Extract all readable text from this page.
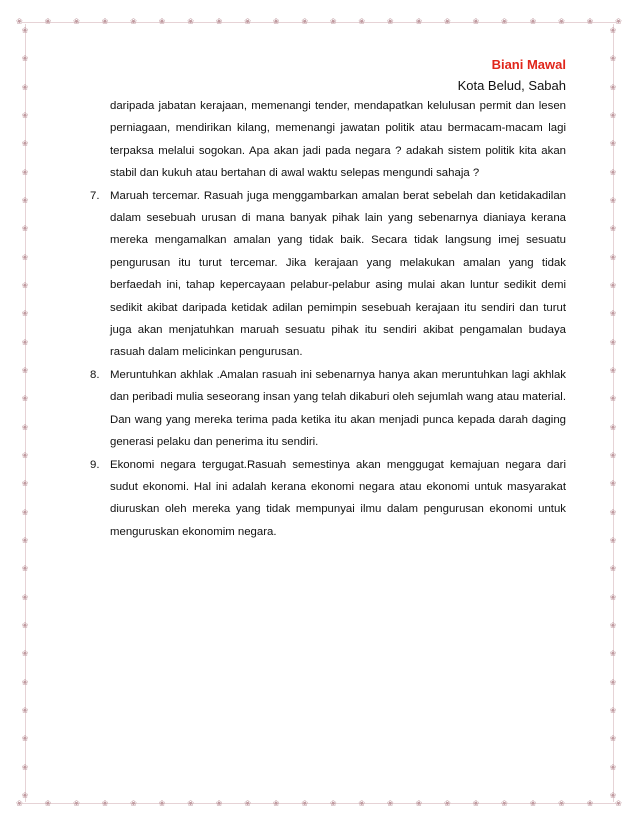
❀	❀	❀	❀	❀	❀	❀	❀	❀	❀	❀	❀	❀	❀	❀	❀	❀	❀	❀	❀	❀	❀
❀	❀	❀	❀	❀	❀	❀	❀	❀	❀	❀	❀	❀	❀	❀	❀	❀	❀	❀	❀	❀	❀
❀
❀
❀
❀
❀
❀
❀
❀
❀
❀
❀
❀
❀
❀
❀
❀
❀
❀
❀
❀
❀
❀
❀
❀
❀
❀
❀
❀
❀
❀
❀
❀
❀
❀
❀
❀
❀
❀
❀
❀
❀
❀
❀
❀
❀
❀
❀
❀
❀
❀
❀
❀
❀
❀
❀
❀
Biani Mawal
Kota Belud, Sabah

daripada jabatan kerajaan, memenangi tender, mendapatkan kelulusan permit dan lesen perniagaan, mendirikan kilang, memenangi jawatan politik atau bermacam-macam lagi terpaksa melalui sogokan. Apa akan jadi pada negara ? adakah sistem politik kita akan stabil dan kukuh atau bertahan di awal waktu selepas mengundi sahaja ?

7. Maruah tercemar. Rasuah juga menggambarkan amalan berat sebelah dan ketidakadilan dalam sesebuah urusan di mana banyak pihak lain yang sebenarnya dianiaya kerana mereka mengamalkan amalan yang tidak baik. Secara tidak langsung imej sesuatu pengurusan itu turut tercemar. Jika kerajaan yang melakukan amalan yang tidak berfaedah ini, tahap kepercayaan pelabur-pelabur asing mulai akan luntur sedikit demi sedikit akibat daripada ketidak adilan pemimpin sesebuah kerajaan itu sendiri dan turut juga akan menjatuhkan maruah sesuatu pihak itu sendiri akibat pengamalan budaya rasuah dalam melicinkan pengurusan.
8. Meruntuhkan akhlak .Amalan rasuah ini sebenarnya hanya akan meruntuhkan lagi akhlak dan peribadi mulia seseorang insan yang telah dikaburi oleh sejumlah wang atau material. Dan wang yang mereka terima pada ketika itu akan menjadi punca kepada darah daging generasi pelaku dan penerima itu sendiri.
9. Ekonomi negara tergugat.Rasuah semestinya akan menggugat kemajuan negara dari sudut ekonomi. Hal ini adalah kerana ekonomi negara atau ekonomi untuk masyarakat diuruskan oleh mereka yang tidak mempunyai ilmu dalam pengurusan ekonomi untuk menguruskan ekonomim negara.
